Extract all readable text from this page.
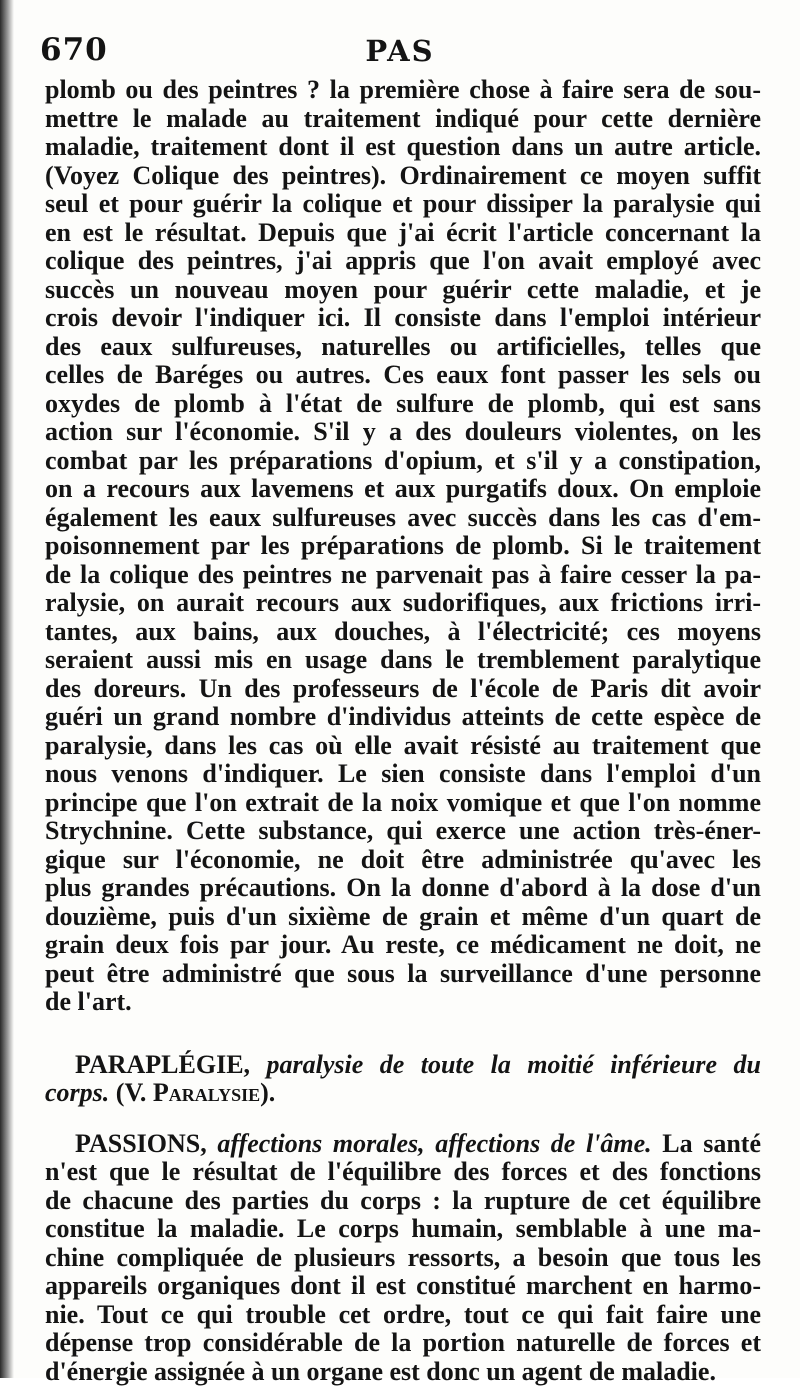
670	PAS
plomb ou des peintres ? la première chose à faire sera de sou-
mettre le malade au traitement indiqué pour cette dernière
maladie, traitement dont il est question dans un autre article.
(Voyez Colique des peintres). Ordinairement ce moyen suffit
seul et pour guérir la colique et pour dissiper la paralysie qui
en est le résultat. Depuis que j'ai écrit l'article concernant la
colique des peintres, j'ai appris que l'on avait employé avec
succès un nouveau moyen pour guérir cette maladie, et je
crois devoir l'indiquer ici. Il consiste dans l'emploi intérieur
des eaux sulfureuses, naturelles ou artificielles, telles que
celles de Baréges ou autres. Ces eaux font passer les sels ou
oxydes de plomb à l'état de sulfure de plomb, qui est sans
action sur l'économie. S'il y a des douleurs violentes, on les
combat par les préparations d'opium, et s'il y a constipation,
on a recours aux lavemens et aux purgatifs doux. On emploie
également les eaux sulfureuses avec succès dans les cas d'em-
poisonnement par les préparations de plomb. Si le traitement
de la colique des peintres ne parvenait pas à faire cesser la pa-
ralysie, on aurait recours aux sudorifiques, aux frictions irri-
tantes, aux bains, aux douches, à l'électricité; ces moyens
seraient aussi mis en usage dans le tremblement paralytique
des doreurs. Un des professeurs de l'école de Paris dit avoir
guéri un grand nombre d'individus atteints de cette espèce de
paralysie, dans les cas où elle avait résisté au traitement que
nous venons d'indiquer. Le sien consiste dans l'emploi d'un
principe que l'on extrait de la noix vomique et que l'on nomme
Strychnine. Cette substance, qui exerce une action très-éner-
gique sur l'économie, ne doit être administrée qu'avec les
plus grandes précautions. On la donne d'abord à la dose d'un
douzième, puis d'un sixième de grain et même d'un quart de
grain deux fois par jour. Au reste, ce médicament ne doit, ne
peut être administré que sous la surveillance d'une personne
de l'art.
PARAPLÉGIE, paralysie de toute la moitié inférieure du
corps. (V. Paralysie).
PASSIONS, affections morales, affections de l'âme. La santé
n'est que le résultat de l'équilibre des forces et des fonctions
de chacune des parties du corps : la rupture de cet équilibre
constitue la maladie. Le corps humain, semblable à une ma-
chine compliquée de plusieurs ressorts, a besoin que tous les
appareils organiques dont il est constitué marchent en harmo-
nie. Tout ce qui trouble cet ordre, tout ce qui fait faire une
dépense trop considérable de la portion naturelle de forces et
d'énergie assignée à un organe est donc un agent de maladie.
